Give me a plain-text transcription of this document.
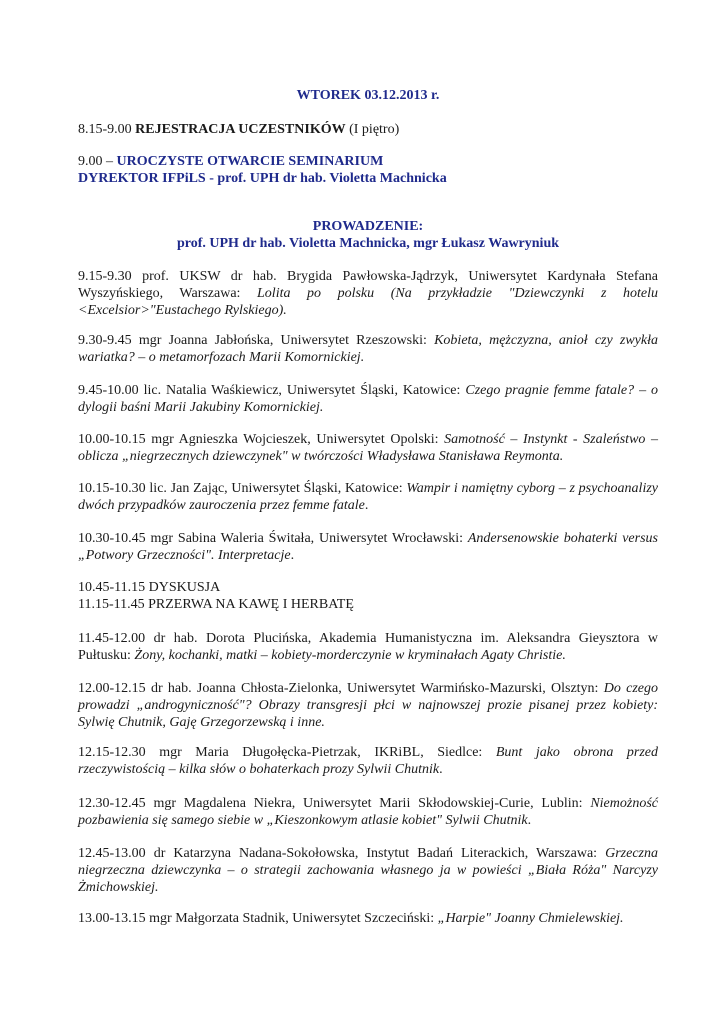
WTOREK 03.12.2013 r.

8.15-9.00 REJESTRACJA UCZESTNIKÓW (I piętro)

9.00 – UROCZYSTE OTWARCIE SEMINARIUM

DYREKTOR IFPiLS - prof. UPH dr hab. Violetta Machnicka

PROWADZENIE:

prof. UPH dr hab. Violetta Machnicka, mgr Łukasz Wawryniuk

9.15-9.30 prof. UKSW dr hab. Brygida Pawłowska-Jądrzyk, Uniwersytet Kardynała Stefana Wyszyńskiego, Warszawa: Lolita po polsku (Na przykładzie "Dziewczynki z hotelu <Excelsior>"Eustachego Rylskiego).

9.30-9.45 mgr Joanna Jabłońska, Uniwersytet Rzeszowski: Kobieta, mężczyzna, anioł czy zwykła wariatka? – o metamorfozach Marii Komornickiej.

9.45-10.00 lic. Natalia Waśkiewicz, Uniwersytet Śląski, Katowice: Czego pragnie femme fatale? – o dylogii baśni Marii Jakubiny Komornickiej.

10.00-10.15 mgr Agnieszka Wojcieszek, Uniwersytet Opolski: Samotność – Instynkt - Szaleństwo – oblicza „niegrzecznych dziewczynek" w twórczości Władysława Stanisława Reymonta.

10.15-10.30 lic. Jan Zając, Uniwersytet Śląski, Katowice: Wampir i namiętny cyborg – z psychoanalizy dwóch przypadków zauroczenia przez femme fatale.

10.30-10.45 mgr Sabina Waleria Świtała, Uniwersytet Wrocławski: Andersenowskie bohaterki versus „Potwory Grzeczności". Interpretacje.

10.45-11.15 DYSKUSJA

11.15-11.45 PRZERWA NA KAWĘ I HERBATĘ

11.45-12.00 dr hab. Dorota Plucińska, Akademia Humanistyczna im. Aleksandra Gieysztora w Pułtusku: Żony, kochanki, matki – kobiety-morderczynie w kryminałach Agaty Christie.

12.00-12.15 dr hab. Joanna Chłosta-Zielonka, Uniwersytet Warmińsko-Mazurski, Olsztyn: Do czego prowadzi „androgyniczność"? Obrazy transgresji płci w najnowszej prozie pisanej przez kobiety: Sylwię Chutnik, Gaję Grzegorzewską i inne.

12.15-12.30 mgr Maria Długołęcka-Pietrzak, IKRiBL, Siedlce: Bunt jako obrona przed rzeczywistością – kilka słów o bohaterkach prozy Sylwii Chutnik.

12.30-12.45 mgr Magdalena Niekra, Uniwersytet Marii Skłodowskiej-Curie, Lublin: Niemożność pozbawienia się samego siebie w „Kieszonkowym atlasie kobiet" Sylwii Chutnik.

12.45-13.00 dr Katarzyna Nadana-Sokołowska, Instytut Badań Literackich, Warszawa: Grzeczna niegrzeczna dziewczynka – o strategii zachowania własnego ja w powieści „Biała Róża" Narcyzy Żmichowskiej.

13.00-13.15 mgr Małgorzata Stadnik, Uniwersytet Szczeciński: „Harpie" Joanny Chmielewskiej.
